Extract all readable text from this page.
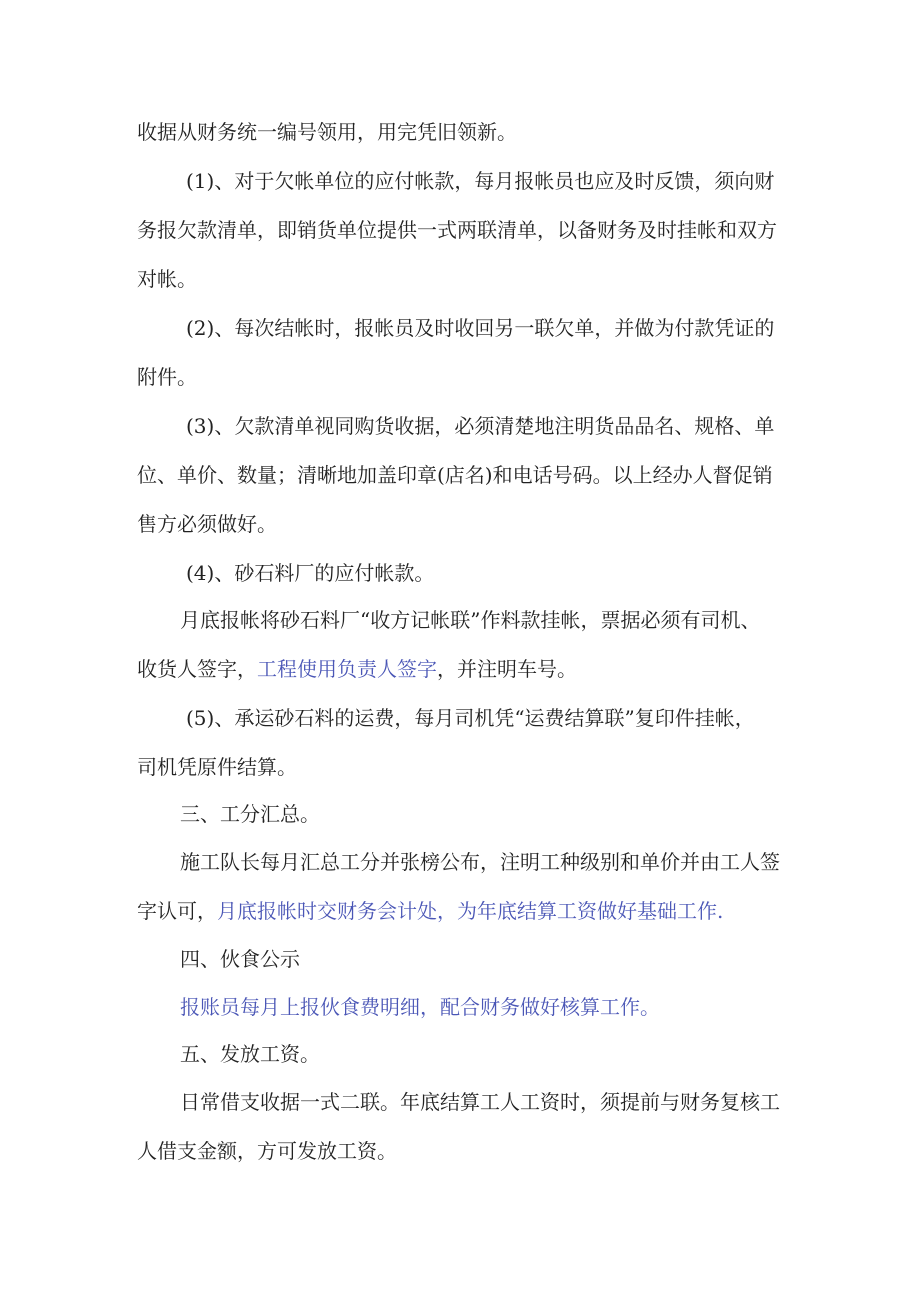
收据从财务统一编号领用，用完凭旧领新。
(1)、对于欠帐单位的应付帐款，每月报帐员也应及时反馈，须向财
务报欠款清单，即销货单位提供一式两联清单，以备财务及时挂帐和双方
对帐。
(2)、每次结帐时，报帐员及时收回另一联欠单，并做为付款凭证的
附件。
(3)、欠款清单视同购货收据，必须清楚地注明货品品名、规格、单
位、单价、数量；清晰地加盖印章(店名)和电话号码。以上经办人督促销
售方必须做好。
(4)、砂石料厂的应付帐款。
月底报帐将砂石料厂“收方记帐联”作料款挂帐，票据必须有司机、
收货人签字，工程使用负责人签字，并注明车号。
(5)、承运砂石料的运费，每月司机凭“运费结算联”复印件挂帐，
司机凭原件结算。
三、工分汇总。
施工队长每月汇总工分并张榜公布，注明工种级别和单价并由工人签
字认可，月底报帐时交财务会计处，为年底结算工资做好基础工作.
四、伙食公示
报账员每月上报伙食费明细，配合财务做好核算工作。
五、发放工资。
日常借支收据一式二联。年底结算工人工资时，须提前与财务复核工
人借支金额，方可发放工资。
